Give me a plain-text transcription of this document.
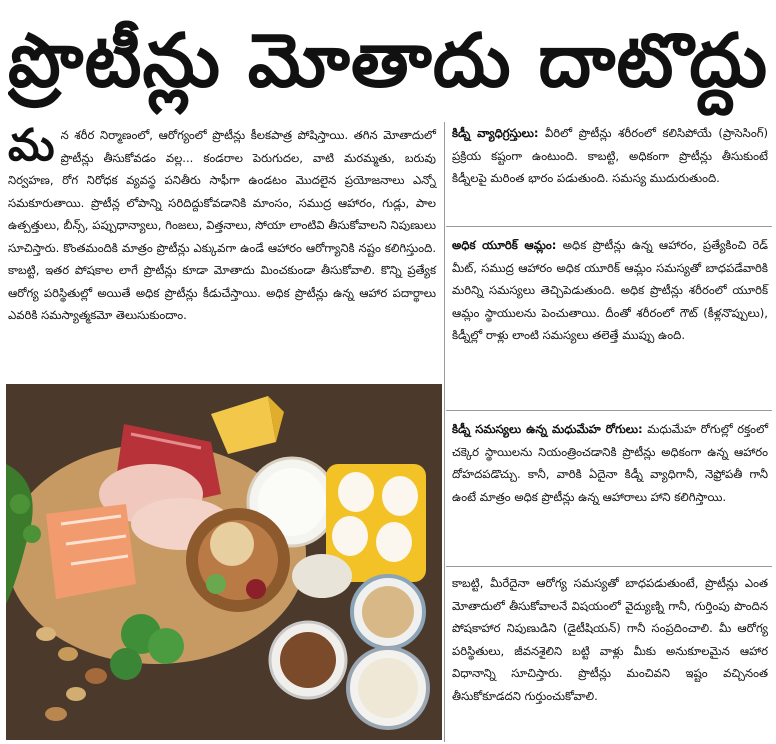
ప్రొటీన్లు మోతాదు దాటొద్దు
మ న శరీర నిర్మాణంలో, ఆరోగ్యంలో ప్రొటీన్లు కీలకపాత్ర పోషిస్తాయి. తగిన మోతాదులో ప్రొటీన్లు తీసుకోవడం వల్ల... కండరాల పెరుగుదల, వాటి మరమ్మతు, బరువు నిర్వహణ, రోగ నిరోధక వ్యవస్థ పనితీరు సాఫీగా ఉండటం మొదలైన ప్రయోజనాలు ఎన్నో సమకూరుతాయి. ప్రొటీన్ల లోపాన్ని సరిదిద్దుకోవడానికి మాంసం, సముద్ర ఆహారం, గుడ్లు, పాల ఉత్పత్తులు, బీన్స్, పప్పుధాన్యాలు, గింజలు, విత్తనాలు, సోయా లాంటివి తీసుకోవాలని నిపుణులు సూచిస్తారు. కొంతమందికి మాత్రం ప్రొటీన్లు ఎక్కువగా ఉండే ఆహారం ఆరోగ్యానికి నష్టం కలిగిస్తుంది. కాబట్టి, ఇతర పోషకాల లాగే ప్రొటీన్లు కూడా మోతాదు మించకుండా తీసుకోవాలి. కొన్ని ప్రత్యేక ఆరోగ్య పరిస్థితుల్లో అయితే అధిక ప్రొటీన్లు కీడుచేస్తాయి. అధిక ప్రొటీన్లు ఉన్న ఆహార పదార్థాలు ఎవరికి సమస్యాత్మకమో తెలుసుకుందాం.

కిడ్నీ వ్యాధిగ్రస్తులు: వీరిలో ప్రొటీన్లు శరీరంలో కలిసిపోయే (ప్రాసెసింగ్) ప్రక్రియ కష్టంగా ఉంటుంది. కాబట్టి, అధికంగా ప్రొటీన్లు తీసుకుంటే కిడ్నీలపై మరింత భారం పడుతుంది. సమస్య ముదురుతుంది.

అధిక యూరిక్ ఆమ్లం: అధిక ప్రొటీన్లు ఉన్న ఆహారం, ప్రత్యేకించి రెడ్ మీట్, సముద్ర ఆహారం అధిక యూరిక్ ఆమ్లం సమస్యతో బాధపడేవారికి మరిన్ని సమస్యలు తెచ్చిపెడుతుంది. అధిక ప్రొటీన్లు శరీరంలో యూరిక్ ఆమ్లం స్థాయులను పెంచుతాయి. దీంతో శరీరంలో గౌట్ (కీళ్లనొప్పులు), కిడ్నీల్లో రాళ్లు లాంటి సమస్యలు తలెత్తే ముప్పు ఉంది.

కిడ్నీ సమస్యలు ఉన్న మధుమేహ రోగులు: మధుమేహ రోగుల్లో రక్తంలో చక్కెర స్థాయిలను నియంత్రించడానికి ప్రొటీన్లు అధికంగా ఉన్న ఆహారం దోహదపడొచ్చు. కానీ, వారికి ఏదైనా కిడ్నీ వ్యాధిగానీ, నెఫ్రోపతీ గానీ ఉంటే మాత్రం అధిక ప్రొటీన్లు ఉన్న ఆహారాలు హాని కలిగిస్తాయి.

కాబట్టి, మీరేదైనా ఆరోగ్య సమస్యతో బాధపడుతుంటే, ప్రొటీన్లు ఎంత మోతాదులో తీసుకోవాలనే విషయంలో వైద్యుణ్ని గానీ, గుర్తింపు పొందిన పోషకాహార నిపుణుడిని (డైటీషియన్) గానీ సంప్రదించాలి. మీ ఆరోగ్య పరిస్థితులు, జీవనశైలిని బట్టి వాళ్లు మీకు అనుకూలమైన ఆహార విధానాన్ని సూచిస్తారు. ప్రొటీన్లు మంచివని ఇష్టం వచ్చినంత తీసుకోకూడదని గుర్తుంచుకోవాలి.
